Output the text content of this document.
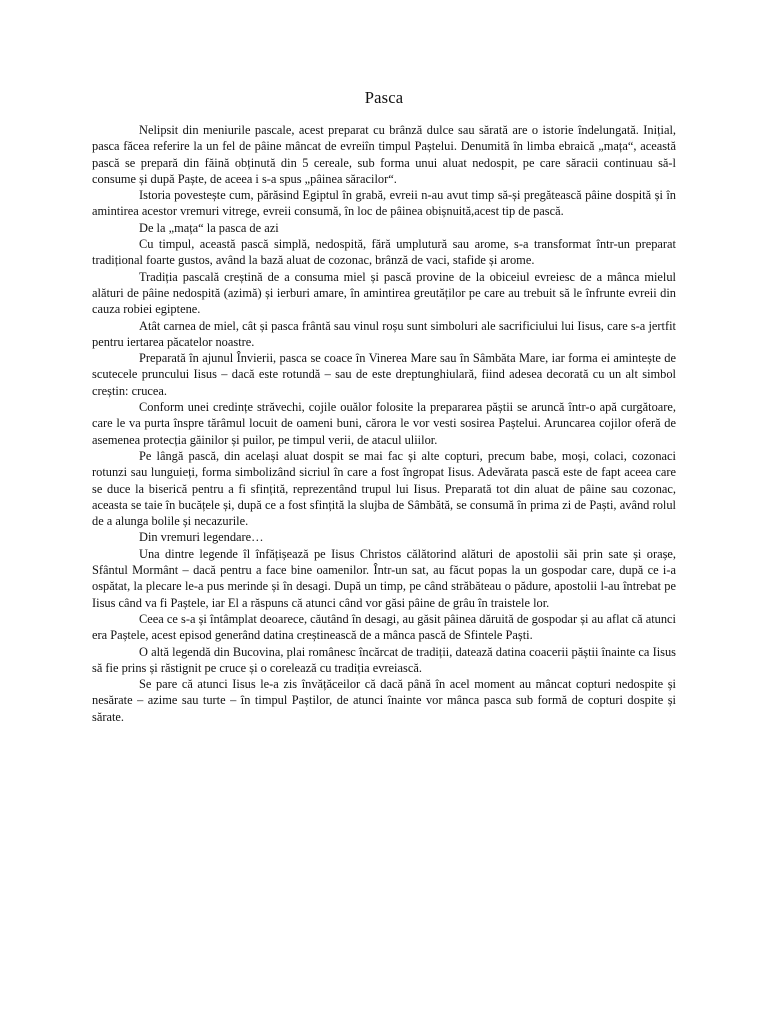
Pasca

Nelipsit din meniurile pascale, acest preparat cu brânză dulce sau sărată are o istorie îndelungată. Inițial, pasca făcea referire la un fel de pâine mâncat de evreiîn timpul Paștelui. Denumită în limba ebraică „mața“, această pască se prepară din făină obținută din 5 cereale, sub forma unui aluat nedospit, pe care săracii continuau să-l consume și după Paște, de aceea i s-a spus „pâinea săracilor“.

Istoria povestește cum, părăsind Egiptul în grabă, evreii n-au avut timp să-și pregătească pâine dospită și în amintirea acestor vremuri vitrege, evreii consumă, în loc de pâinea obișnuită,acest tip de pască.

De la „mața“ la pasca de azi

Cu timpul, această pască simplă, nedospită, fără umplutură sau arome, s-a transformat într-un preparat tradițional foarte gustos, având la bază aluat de cozonac, brânză de vaci, stafide și arome.

Tradiția pascală creștină de a consuma miel și pască provine de la obiceiul evreiesc de a mânca mielul alături de pâine nedospită (azimă) și ierburi amare, în amintirea greutăților pe care au trebuit să le înfrunte evreii din cauza robiei egiptene.

Atât carnea de miel, cât și pasca frântă sau vinul roșu sunt simboluri ale sacrificiului lui Iisus, care s-a jertfit pentru iertarea păcatelor noastre.

Preparată în ajunul Învierii, pasca se coace în Vinerea Mare sau în Sâmbăta Mare, iar forma ei amintește de scutecele pruncului Iisus – dacă este rotundă – sau de este dreptunghiulară, fiind adesea decorată cu un alt simbol creștin: crucea.

Conform unei credințe străvechi, cojile ouălor folosite la prepararea păștii se aruncă într-o apă curgătoare, care le va purta înspre tărâmul locuit de oameni buni, cărora le vor vesti sosirea Paștelui. Aruncarea cojilor oferă de asemenea protecția găinilor și puilor, pe timpul verii, de atacul uliilor.

Pe lângă pască, din același aluat dospit se mai fac și alte copturi, precum babe, moși, colaci, cozonaci rotunzi sau lunguieți, forma simbolizând sicriul în care a fost îngropat Iisus. Adevărata pască este de fapt aceea care se duce la biserică pentru a fi sfințită, reprezentând trupul lui Iisus. Preparată tot din aluat de pâine sau cozonac, aceasta se taie în bucățele și, după ce a fost sfințită la slujba de Sâmbătă, se consumă în prima zi de Paști, având rolul de a alunga bolile și necazurile.

Din vremuri legendare…

Una dintre legende îl înfățișează pe Iisus Christos călătorind alături de apostolii săi prin sate și orașe, Sfântul Mormânt – dacă pentru a face bine oamenilor. Într-un sat, au făcut popas la un gospodar care, după ce i-a ospătat, la plecare le-a pus merinde și în desagi. După un timp, pe când străbăteau o pădure, apostolii l-au întrebat pe Iisus când va fi Paștele, iar El a răspuns că atunci când vor găsi pâine de grâu în traistele lor.

Ceea ce s-a și întâmplat deoarece, căutând în desagi, au găsit pâinea dăruită de gospodar și au aflat că atunci era Paștele, acest episod generând datina creștinească de a mânca pască de Sfintele Paști.

O altă legendă din Bucovina, plai românesc încărcat de tradiții, datează datina coacerii păștii înainte ca Iisus să fie prins și răstignit pe cruce și o corelează cu tradiția evreiască.

Se pare că atunci Iisus le-a zis învățăceilor că dacă până în acel moment au mâncat copturi nedospite și nesărate – azime sau turte – în timpul Paștilor, de atunci înainte vor mânca pasca sub formă de copturi dospite și sărate.
